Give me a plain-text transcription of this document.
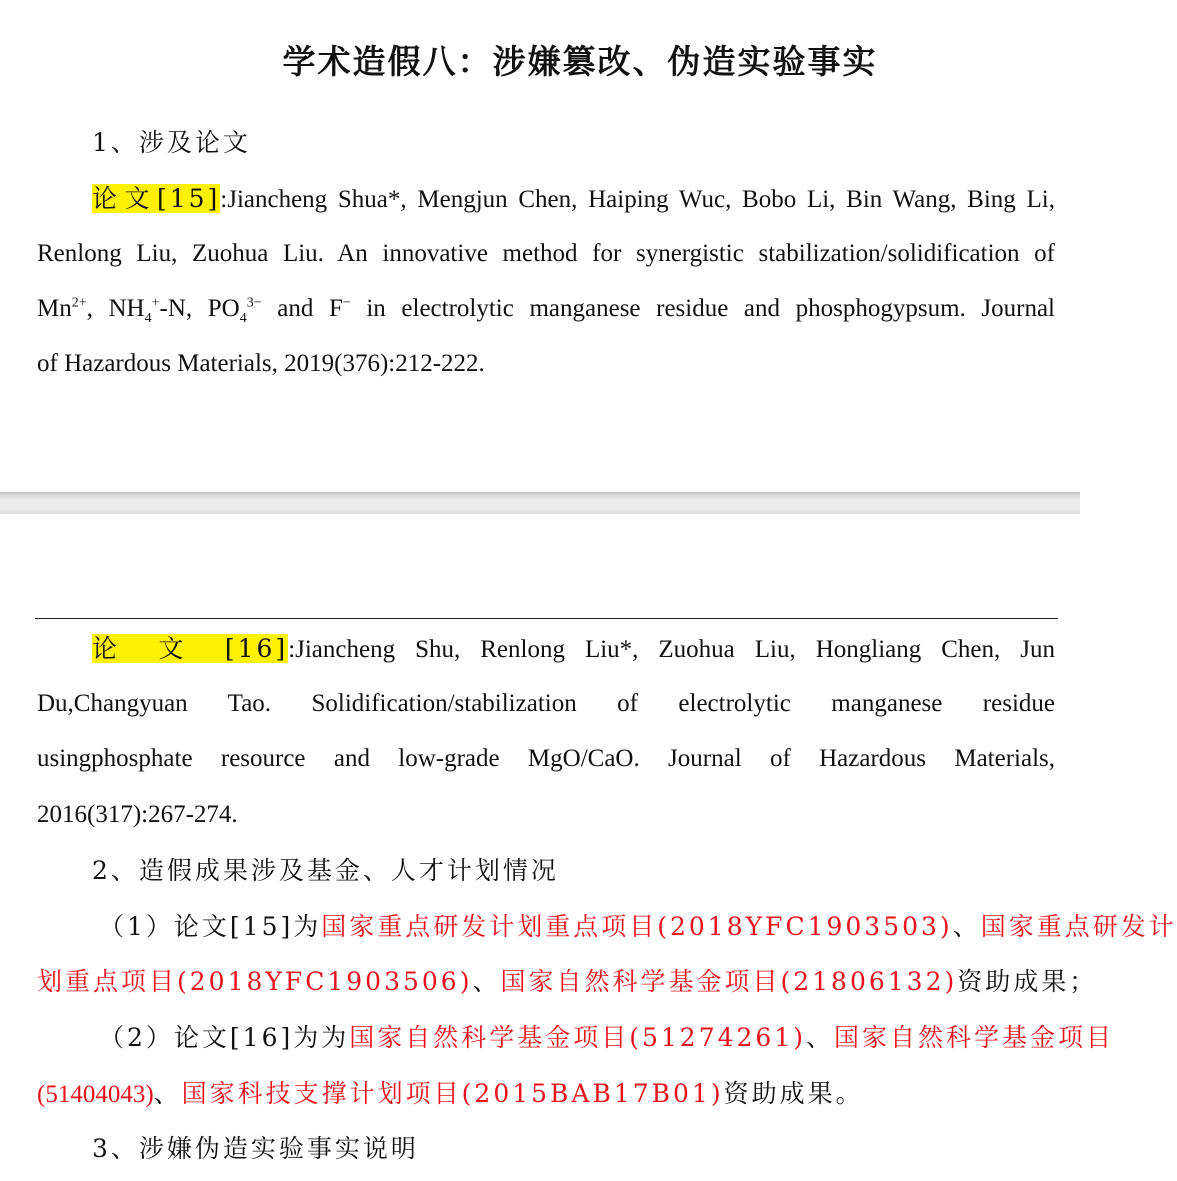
学术造假八：涉嫌篡改、伪造实验事实
1、涉及论文
论文[15]:Jiancheng Shua*, Mengjun Chen, Haiping Wuc, Bobo Li, Bin Wang, Bing Li,
Renlong Liu, Zuohua Liu. An innovative method for synergistic stabilization/solidification of
$Mn^{2+}$, $NH_4^+-N$, $PO_4^{3-}$ and F− in electrolytic manganese residue and phosphogypsum. Journal
of Hazardous Materials, 2019(376):212-222.
论 文 [16]:Jiancheng Shu, Renlong Liu*, Zuohua Liu, Hongliang Chen, Jun
Du,Changyuan Tao. Solidification/stabilization of electrolytic manganese residue
usingphosphate resource and low-grade MgO/CaO. Journal of Hazardous Materials,
2016(317):267-274.
2、造假成果涉及基金、人才计划情况
（1）论文[15]为国家重点研发计划重点项目(2018YFC1903503)、国家重点研发计
划重点项目(2018YFC1903506)、国家自然科学基金项目(21806132)资助成果；
（2）论文[16]为为国家自然科学基金项目(51274261)、国家自然科学基金项目
(51404043)、国家科技支撑计划项目(2015BAB17B01)资助成果。
3、涉嫌伪造实验事实说明
